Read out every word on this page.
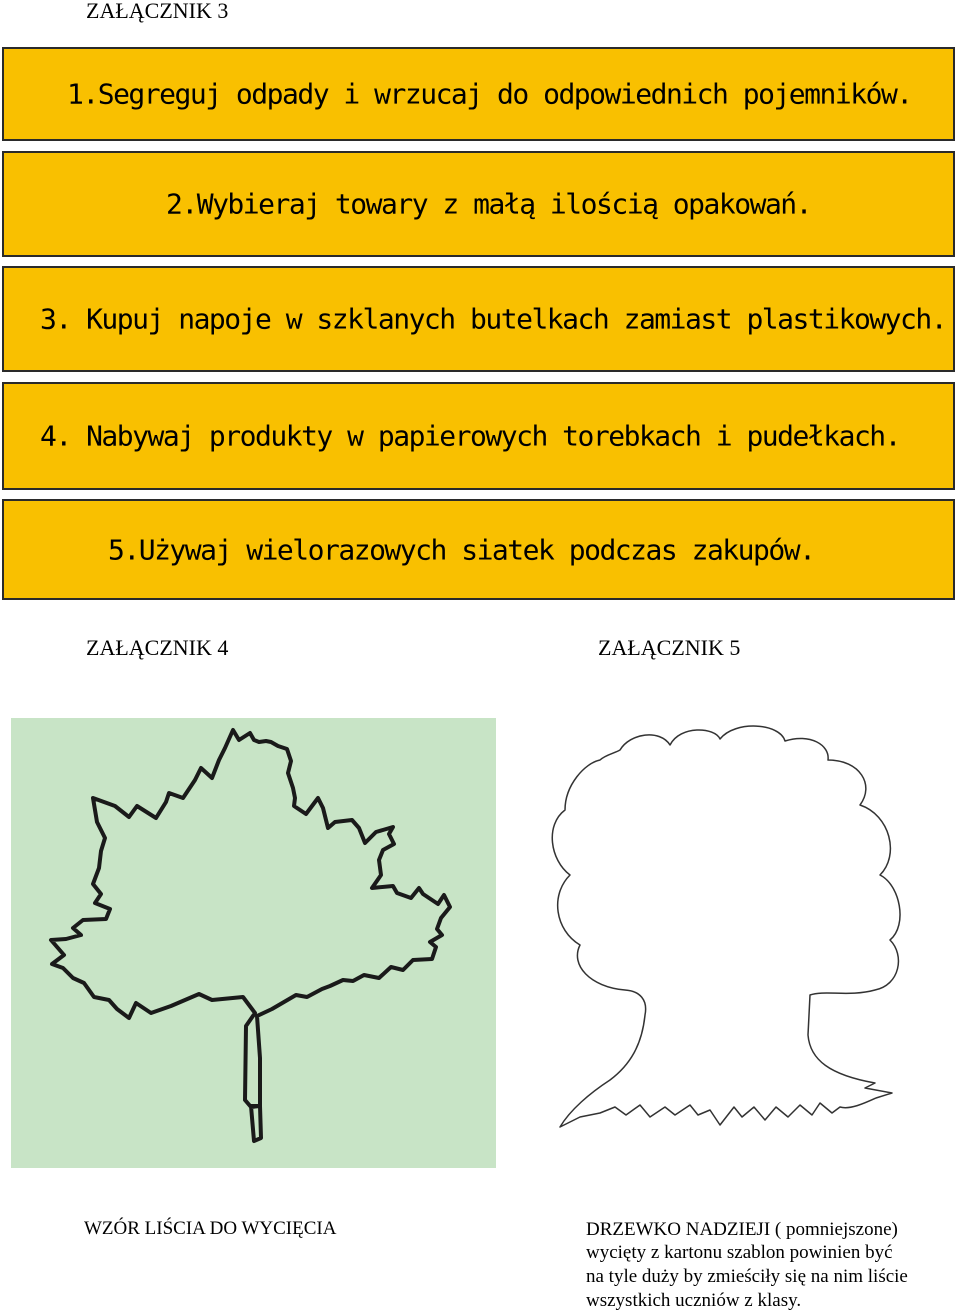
ZAŁĄCZNIK 3
1.Segreguj odpady i wrzucaj do odpowiednich pojemników.
2.Wybieraj towary z małą ilością opakowań.
3. Kupuj napoje w szklanych butelkach zamiast plastikowych.
4. Nabywaj produkty w papierowych torebkach i pudełkach.
5.Używaj wielorazowych siatek podczas zakupów.
ZAŁĄCZNIK 4	ZAŁĄCZNIK 5
WZÓR LIŚCIA DO WYCIĘCIA	DRZEWKO NADZIEJI ( pomniejszone)
wycięty z kartonu szablon powinien być
na tyle duży by zmieściły się na nim liście
wszystkich uczniów z klasy.
